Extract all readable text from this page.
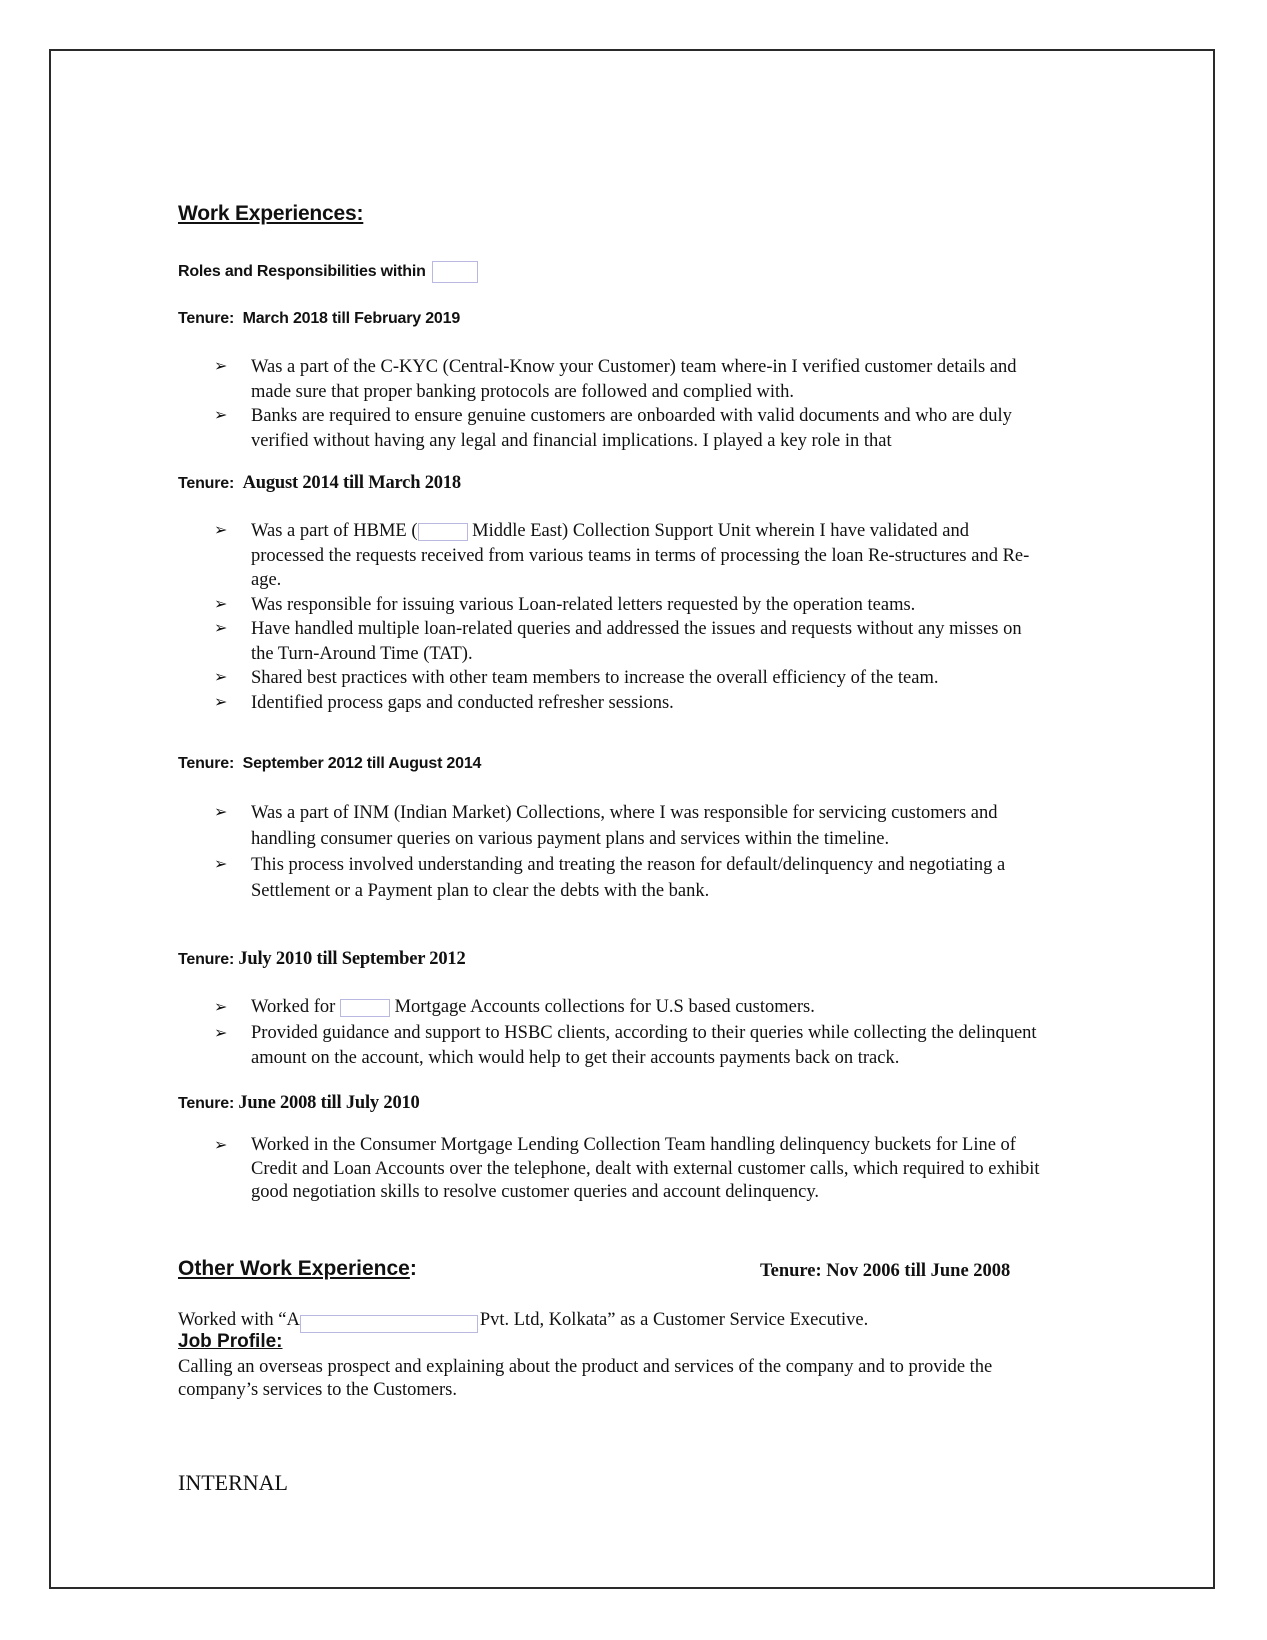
Work Experiences:
Roles and Responsibilities within
Tenure: March 2018 till February 2019
➢ Was a part of the C-KYC (Central-Know your Customer) team where-in I verified customer details and made sure that proper banking protocols are followed and complied with.
➢ Banks are required to ensure genuine customers are onboarded with valid documents and who are duly verified without having any legal and financial implications. I played a key role in that
Tenure: August 2014 till March 2018
➢ Was a part of HBME (	Middle East) Collection Support Unit wherein I have validated and processed the requests received from various teams in terms of processing the loan Re-structures and Re-age.
➢ Was responsible for issuing various Loan-related letters requested by the operation teams.
➢ Have handled multiple loan-related queries and addressed the issues and requests without any misses on the Turn-Around Time (TAT).
➢ Shared best practices with other team members to increase the overall efficiency of the team.
➢ Identified process gaps and conducted refresher sessions.
Tenure: September 2012 till August 2014
➢ Was a part of INM (Indian Market) Collections, where I was responsible for servicing customers and handling consumer queries on various payment plans and services within the timeline.
➢ This process involved understanding and treating the reason for default/delinquency and negotiating a Settlement or a Payment plan to clear the debts with the bank.
Tenure: July 2010 till September 2012
➢ Worked for	Mortgage Accounts collections for U.S based customers.
➢ Provided guidance and support to HSBC clients, according to their queries while collecting the delinquent amount on the account, which would help to get their accounts payments back on track.
Tenure: June 2008 till July 2010
➢ Worked in the Consumer Mortgage Lending Collection Team handling delinquency buckets for Line of Credit and Loan Accounts over the telephone, dealt with external customer calls, which required to exhibit good negotiation skills to resolve customer queries and account delinquency.
Other Work Experience:	Tenure: Nov 2006 till June 2008
Worked with “A	Pvt. Ltd, Kolkata” as a Customer Service Executive.
Job Profile:
Calling an overseas prospect and explaining about the product and services of the company and to provide the company’s services to the Customers.
INTERNAL
